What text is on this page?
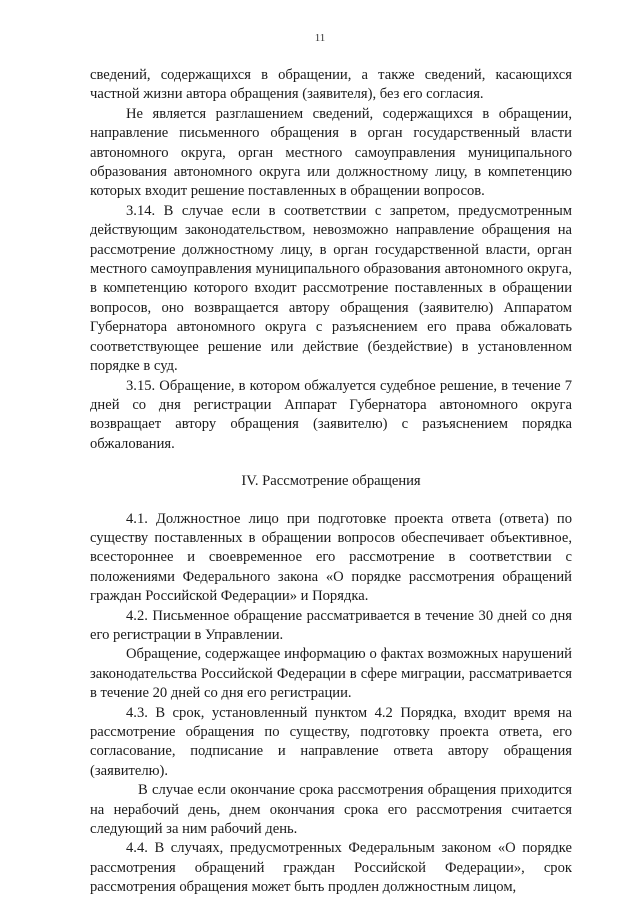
11

сведений, содержащихся в обращении, а также сведений, касающихся частной жизни автора обращения (заявителя), без его согласия.

Не является разглашением сведений, содержащихся в обращении, направление письменного обращения в орган государственный власти автономного округа, орган местного самоуправления муниципального образования автономного округа или должностному лицу, в компетенцию которых входит решение поставленных в обращении вопросов.

3.14. В случае если в соответствии с запретом, предусмотренным действующим законодательством, невозможно направление обращения на рассмотрение должностному лицу, в орган государственной власти, орган местного самоуправления муниципального образования автономного округа, в компетенцию которого входит рассмотрение поставленных в обращении вопросов, оно возвращается автору обращения (заявителю) Аппаратом Губернатора автономного округа с разъяснением его права обжаловать соответствующее решение или действие (бездействие) в установленном порядке в суд.

3.15. Обращение, в котором обжалуется судебное решение, в течение 7 дней со дня регистрации Аппарат Губернатора автономного округа возвращает автору обращения (заявителю) с разъяснением порядка обжалования.

IV. Рассмотрение обращения

4.1. Должностное лицо при подготовке проекта ответа (ответа) по существу поставленных в обращении вопросов обеспечивает объективное, всестороннее и своевременное его рассмотрение в соответствии с положениями Федерального закона «О порядке рассмотрения обращений граждан Российской Федерации» и Порядка.

4.2. Письменное обращение рассматривается в течение 30 дней со дня его регистрации в Управлении.

Обращение, содержащее информацию о фактах возможных нарушений законодательства Российской Федерации в сфере миграции, рассматривается в течение 20 дней со дня его регистрации.

4.3. В срок, установленный пунктом 4.2 Порядка, входит время на рассмотрение обращения по существу, подготовку проекта ответа, его согласование, подписание и направление ответа автору обращения (заявителю).

В случае если окончание срока рассмотрения обращения приходится на нерабочий день, днем окончания срока его рассмотрения считается следующий за ним рабочий день.

4.4. В случаях, предусмотренных Федеральным законом «О порядке рассмотрения обращений граждан Российской Федерации», срок рассмотрения обращения может быть продлен должностным лицом,
